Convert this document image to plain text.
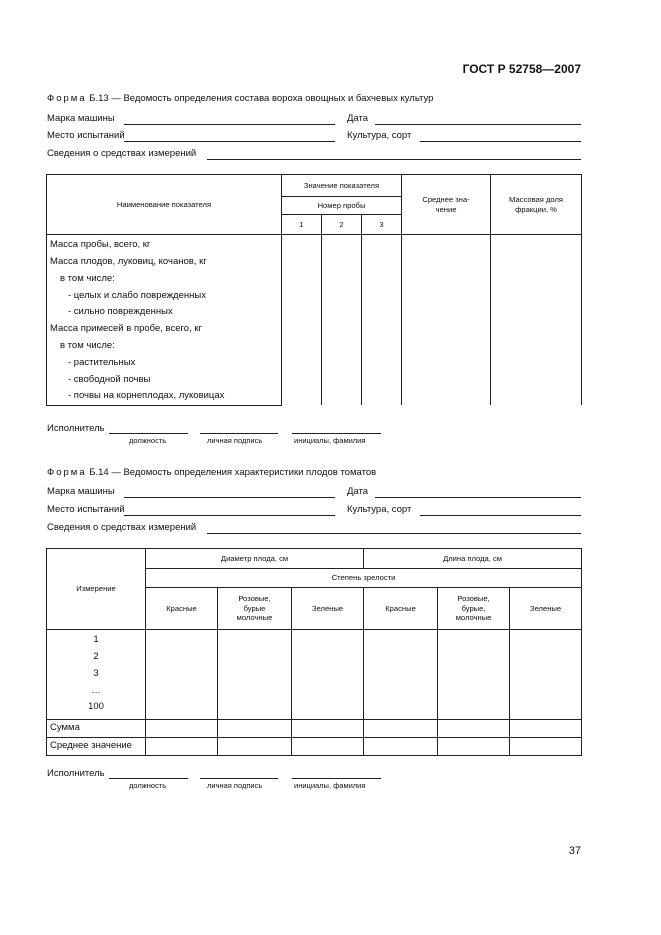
ГОСТ Р 52758—2007
Форма Б.13 — Ведомость определения состава вороха овощных и бахчевых культур
Марка машины	Дата
Место испытаний	Культура, сорт
Сведения о средствах измерений
Наименование показателя	Значение показателя			Среднее зна-чение	Массовая доля фракции, %
	Номер пробы				
	1	2	3		
Масса пробы, всего, кг					
Масса плодов, луковиц, кочанов, кг					
в том числе:					
- целых и слабо поврежденных					
- сильно поврежденных					
Масса примесей в пробе, всего, кг					
в том числе:					
- растительных					
- свободной почвы					
- почвы на корнеплодах, луковицах					
Исполнитель
должность	личная подпись	инициалы, фамилия
Форма Б.14 — Ведомость определения характеристики плодов томатов
Марка машины	Дата
Место испытаний	Культура, сорт
Сведения о средствах измерений
Измерение	Диаметр плода, см			Длина плода, см		
	Степень зрелости					
	Красные	Розовые, бурые молочные	Зеленые	Красные	Розовые, бурые, молочные	Зеленые
1						
2						
3						
…						
100						
Сумма						
Среднее значение						
Исполнитель
должность	личная подпись	инициалы, фамилия
37
